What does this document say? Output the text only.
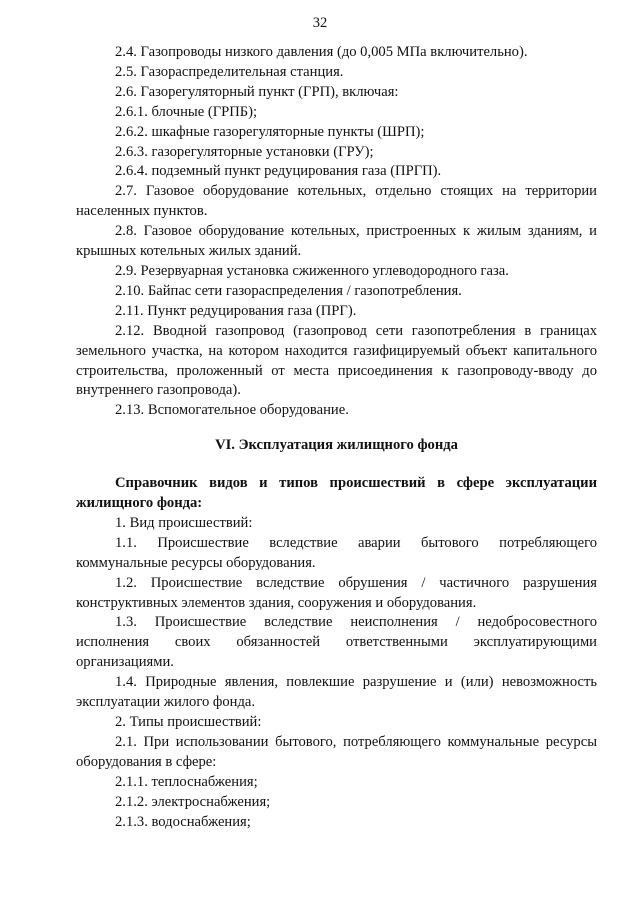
32

2.4. Газопроводы низкого давления (до 0,005 МПа включительно).

2.5. Газораспределительная станция.

2.6. Газорегуляторный пункт (ГРП), включая:

2.6.1. блочные (ГРПБ);

2.6.2. шкафные газорегуляторные пункты (ШРП);

2.6.3. газорегуляторные установки (ГРУ);

2.6.4. подземный пункт редуцирования газа (ПРГП).

2.7. Газовое оборудование котельных, отдельно стоящих на территории населенных пунктов.

2.8. Газовое оборудование котельных, пристроенных к жилым зданиям, и крышных котельных жилых зданий.

2.9. Резервуарная установка сжиженного углеводородного газа.

2.10. Байпас сети газораспределения / газопотребления.

2.11. Пункт редуцирования газа (ПРГ).

2.12. Вводной газопровод (газопровод сети газопотребления в границах земельного участка, на котором находится газифицируемый объект капитального строительства, проложенный от места присоединения к газопроводу-вводу до внутреннего газопровода).

2.13. Вспомогательное оборудование.

VI. Эксплуатация жилищного фонда

Справочник видов и типов происшествий в сфере эксплуатации жилищного фонда:

1. Вид происшествий:

1.1. Происшествие вследствие аварии бытового потребляющего коммунальные ресурсы оборудования.

1.2. Происшествие вследствие обрушения / частичного разрушения конструктивных элементов здания, сооружения и оборудования.

1.3. Происшествие вследствие неисполнения / недобросовестного исполнения своих обязанностей ответственными эксплуатирующими организациями.

1.4. Природные явления, повлекшие разрушение и (или) невозможность эксплуатации жилого фонда.

2. Типы происшествий:

2.1. При использовании бытового, потребляющего коммунальные ресурсы оборудования в сфере:

2.1.1. теплоснабжения;

2.1.2. электроснабжения;

2.1.3. водоснабжения;
